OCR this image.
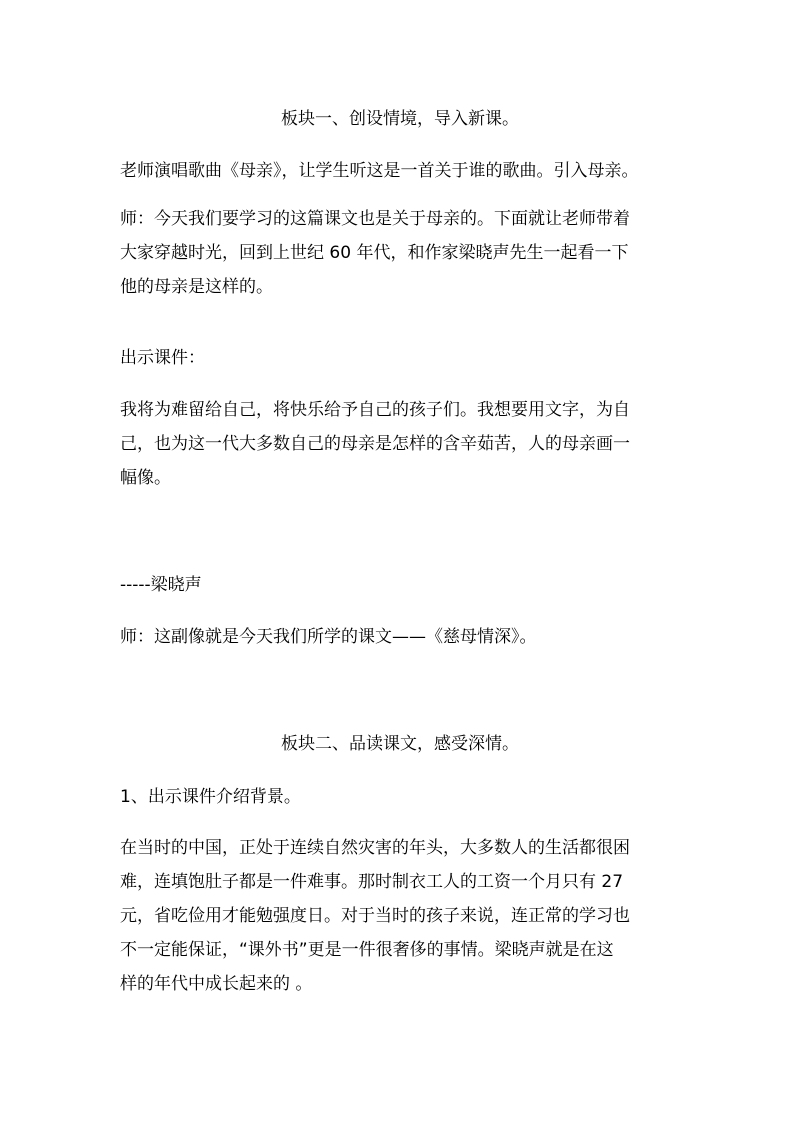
板块一、创设情境，导入新课。
老师演唱歌曲《母亲》，让学生听这是一首关于谁的歌曲。引入母亲。
师：今天我们要学习的这篇课文也是关于母亲的。下面就让老师带着
大家穿越时光，回到上世纪 60 年代，和作家梁晓声先生一起看一下
他的母亲是这样的。
出示课件：
我将为难留给自己，将快乐给予自己的孩子们。我想要用文字，为自
己，也为这一代大多数自己的母亲是怎样的含辛茹苦，人的母亲画一
幅像。
-----梁晓声
师：这副像就是今天我们所学的课文——《慈母情深》。
板块二、品读课文，感受深情。
1、出示课件介绍背景。
在当时的中国，正处于连续自然灾害的年头，大多数人的生活都很困
难，连填饱肚子都是一件难事。那时制衣工人的工资一个月只有 27
元，省吃俭用才能勉强度日。对于当时的孩子来说，连正常的学习也
不一定能保证，“课外书”更是一件很奢侈的事情。梁晓声就是在这
样的年代中成长起来的 。
